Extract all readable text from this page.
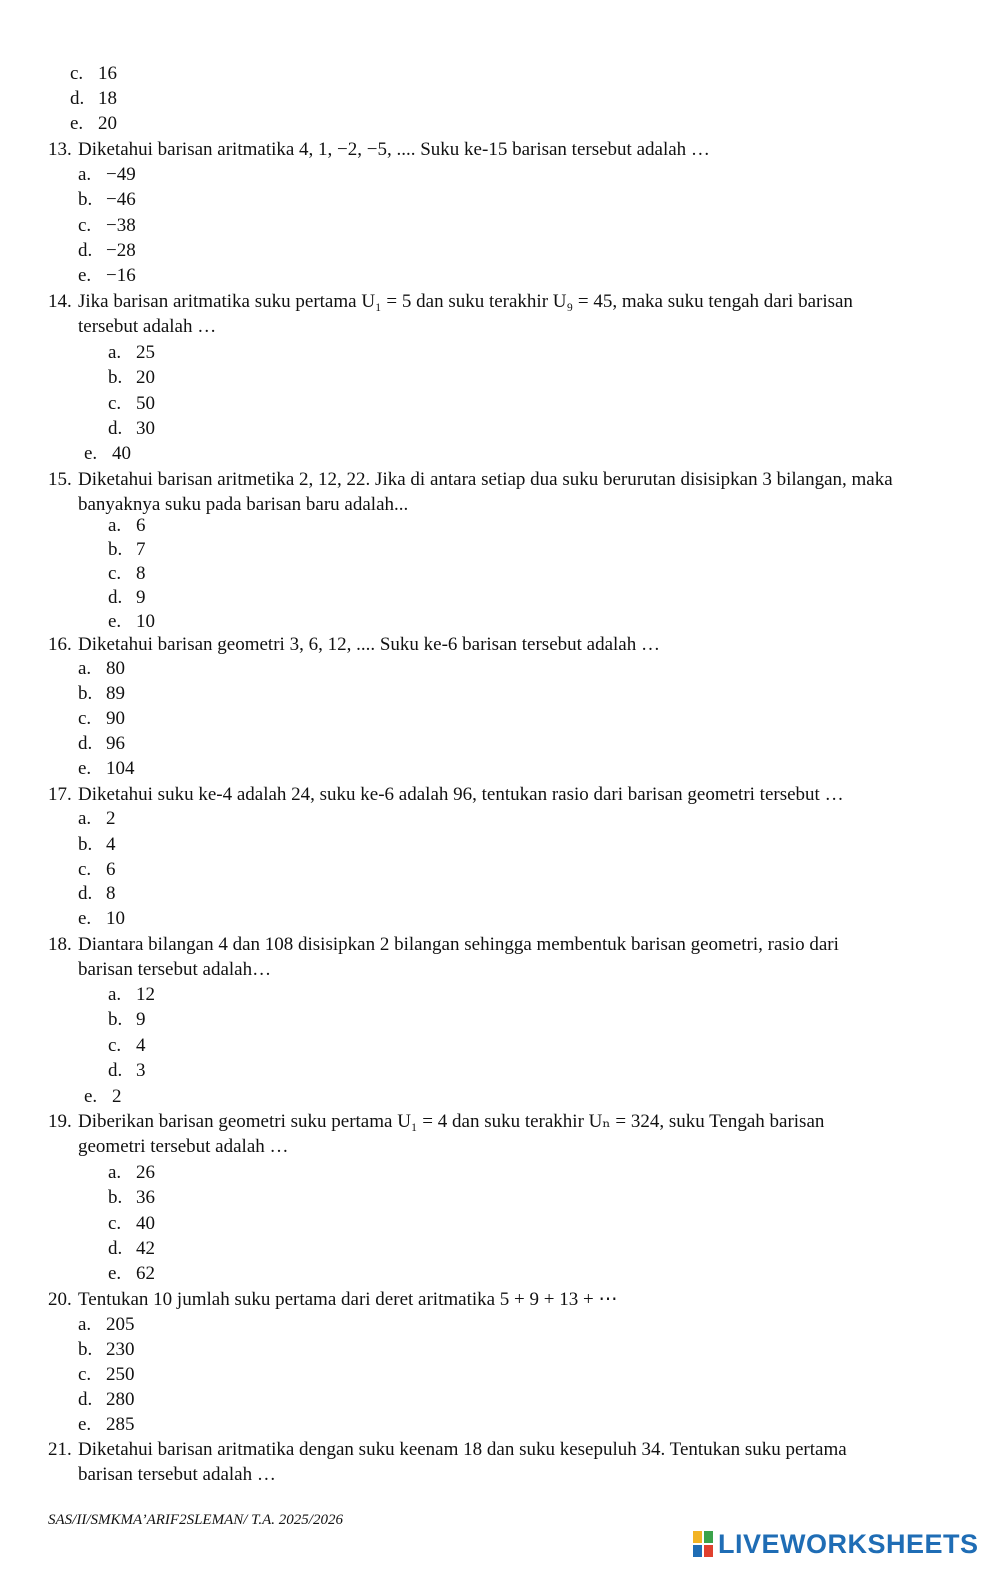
c. 16
d. 18
e. 20
13. Diketahui barisan aritmatika 4, 1, −2, −5, .... Suku ke-15 barisan tersebut adalah …
a. −49
b. −46
c. −38
d. −28
e. −16
14. Jika barisan aritmatika suku pertama U₁ = 5 dan suku terakhir U₉ = 45, maka suku tengah dari barisan
tersebut adalah …
a. 25
b. 20
c. 50
d. 30
e. 40
15. Diketahui barisan aritmetika 2, 12, 22. Jika di antara setiap dua suku berurutan disisipkan 3 bilangan, maka
banyaknya suku pada barisan baru adalah...
a. 6
b. 7
c. 8
d. 9
e. 10
16. Diketahui barisan geometri 3, 6, 12, .... Suku ke-6 barisan tersebut adalah …
a. 80
b. 89
c. 90
d. 96
e. 104
17. Diketahui suku ke-4 adalah 24, suku ke-6 adalah 96, tentukan rasio dari barisan geometri tersebut …
a. 2
b. 4
c. 6
d. 8
e. 10
18. Diantara bilangan 4 dan 108 disisipkan 2 bilangan sehingga membentuk barisan geometri, rasio dari
barisan tersebut adalah…
a. 12
b. 9
c. 4
d. 3
e. 2
19. Diberikan barisan geometri suku pertama U₁ = 4 dan suku terakhir Uₙ = 324, suku Tengah barisan
geometri tersebut adalah …
a. 26
b. 36
c. 40
d. 42
e. 62
20. Tentukan 10 jumlah suku pertama dari deret aritmatika 5 + 9 + 13 + ⋯
a. 205
b. 230
c. 250
d. 280
e. 285
21. Diketahui barisan aritmatika dengan suku keenam 18 dan suku kesepuluh 34. Tentukan suku pertama
barisan tersebut adalah …
SAS/II/SMKMA’ARIF2SLEMAN/ T.A. 2025/2026
LIVEWORKSHEETS
